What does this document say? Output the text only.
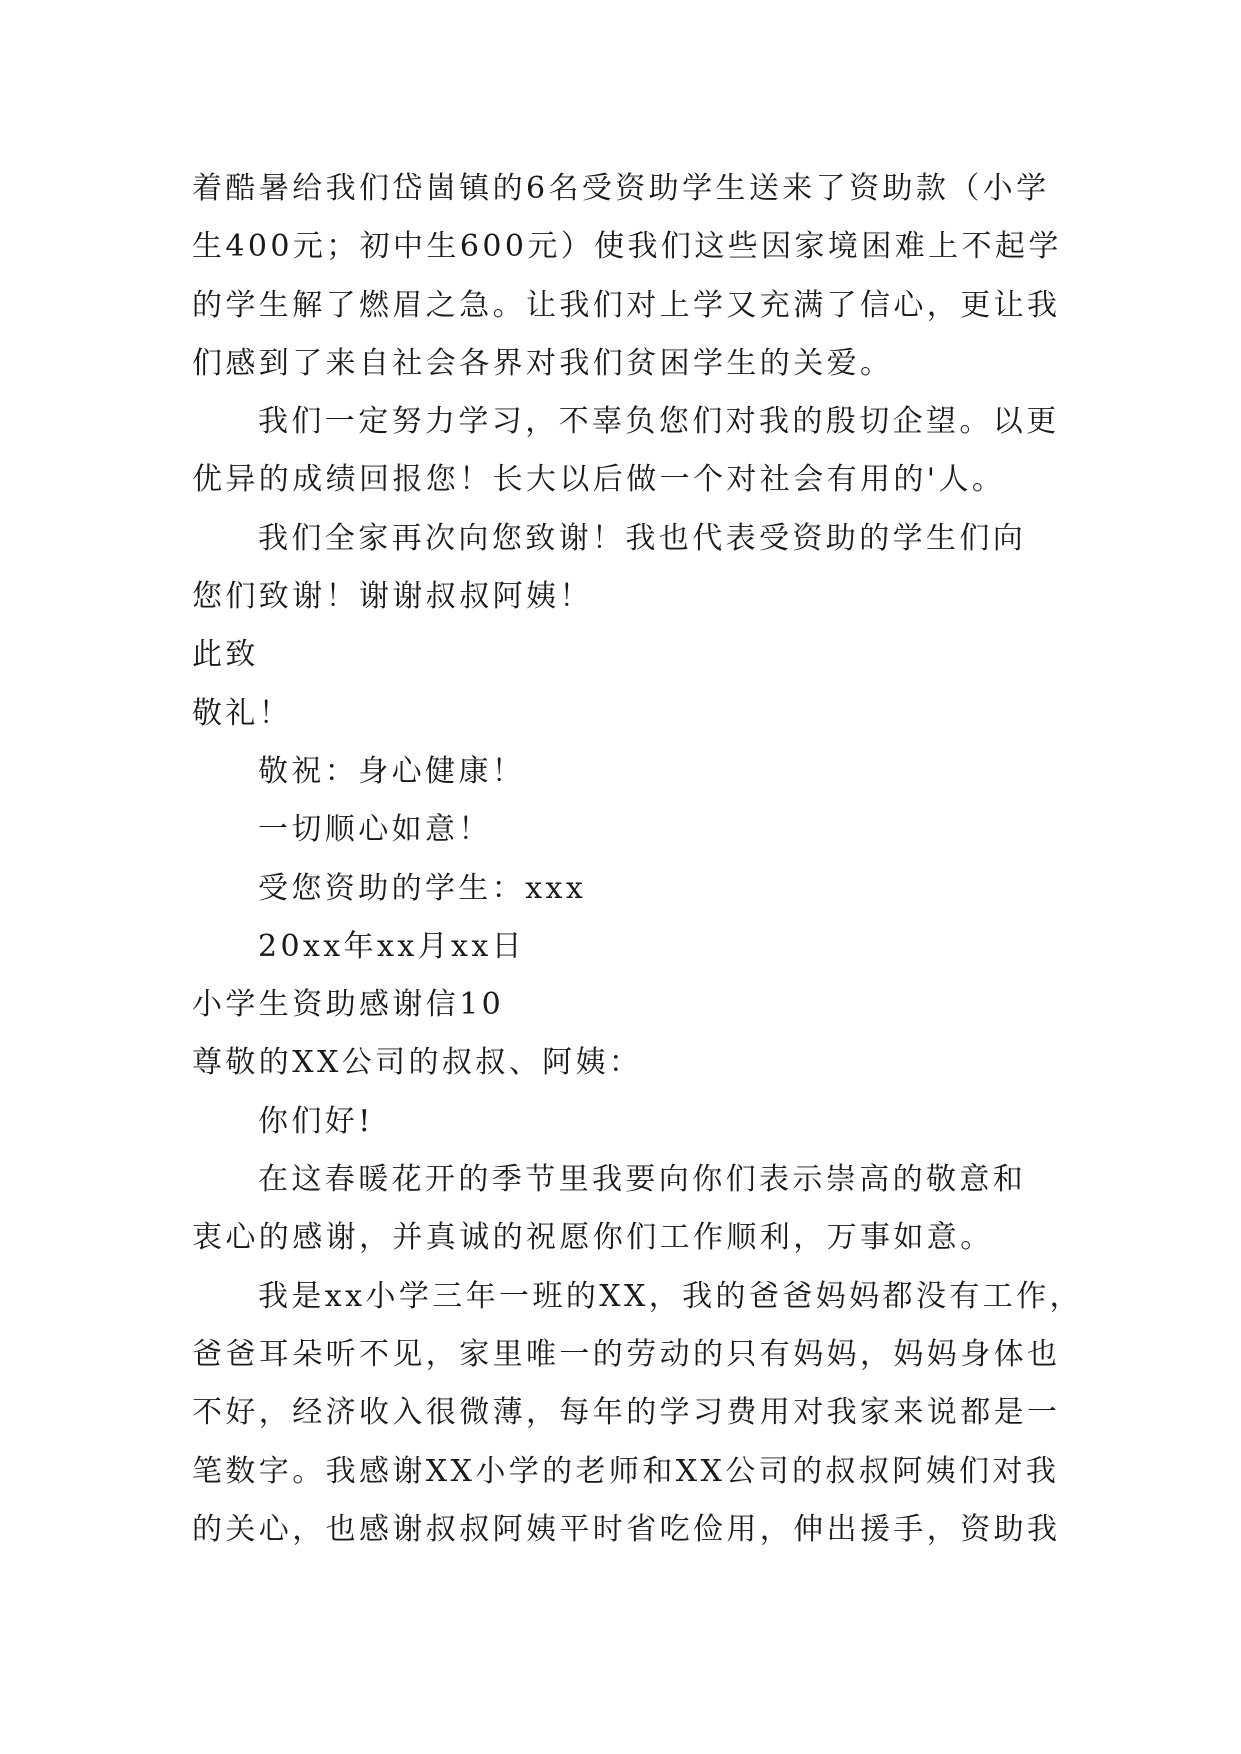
着酷暑给我们岱崮镇的6名受资助学生送来了资助款（小学
生400元；初中生600元）使我们这些因家境困难上不起学
的学生解了燃眉之急。让我们对上学又充满了信心，更让我
们感到了来自社会各界对我们贫困学生的关爱。
我们一定努力学习，不辜负您们对我的殷切企望。以更
优异的成绩回报您！长大以后做一个对社会有用的'人。
我们全家再次向您致谢！我也代表受资助的学生们向
您们致谢！谢谢叔叔阿姨！
此致
敬礼！
敬祝：身心健康！
一切顺心如意！
受您资助的学生：xxx
20xx年xx月xx日
小学生资助感谢信10
尊敬的XX公司的叔叔、阿姨：
你们好!
在这春暖花开的季节里我要向你们表示崇高的敬意和
衷心的感谢，并真诚的祝愿你们工作顺利，万事如意。
我是xx小学三年一班的XX，我的爸爸妈妈都没有工作，
爸爸耳朵听不见，家里唯一的劳动的只有妈妈，妈妈身体也
不好，经济收入很微薄，每年的学习费用对我家来说都是一
笔数字。我感谢XX小学的老师和XX公司的叔叔阿姨们对我
的关心，也感谢叔叔阿姨平时省吃俭用，伸出援手，资助我
